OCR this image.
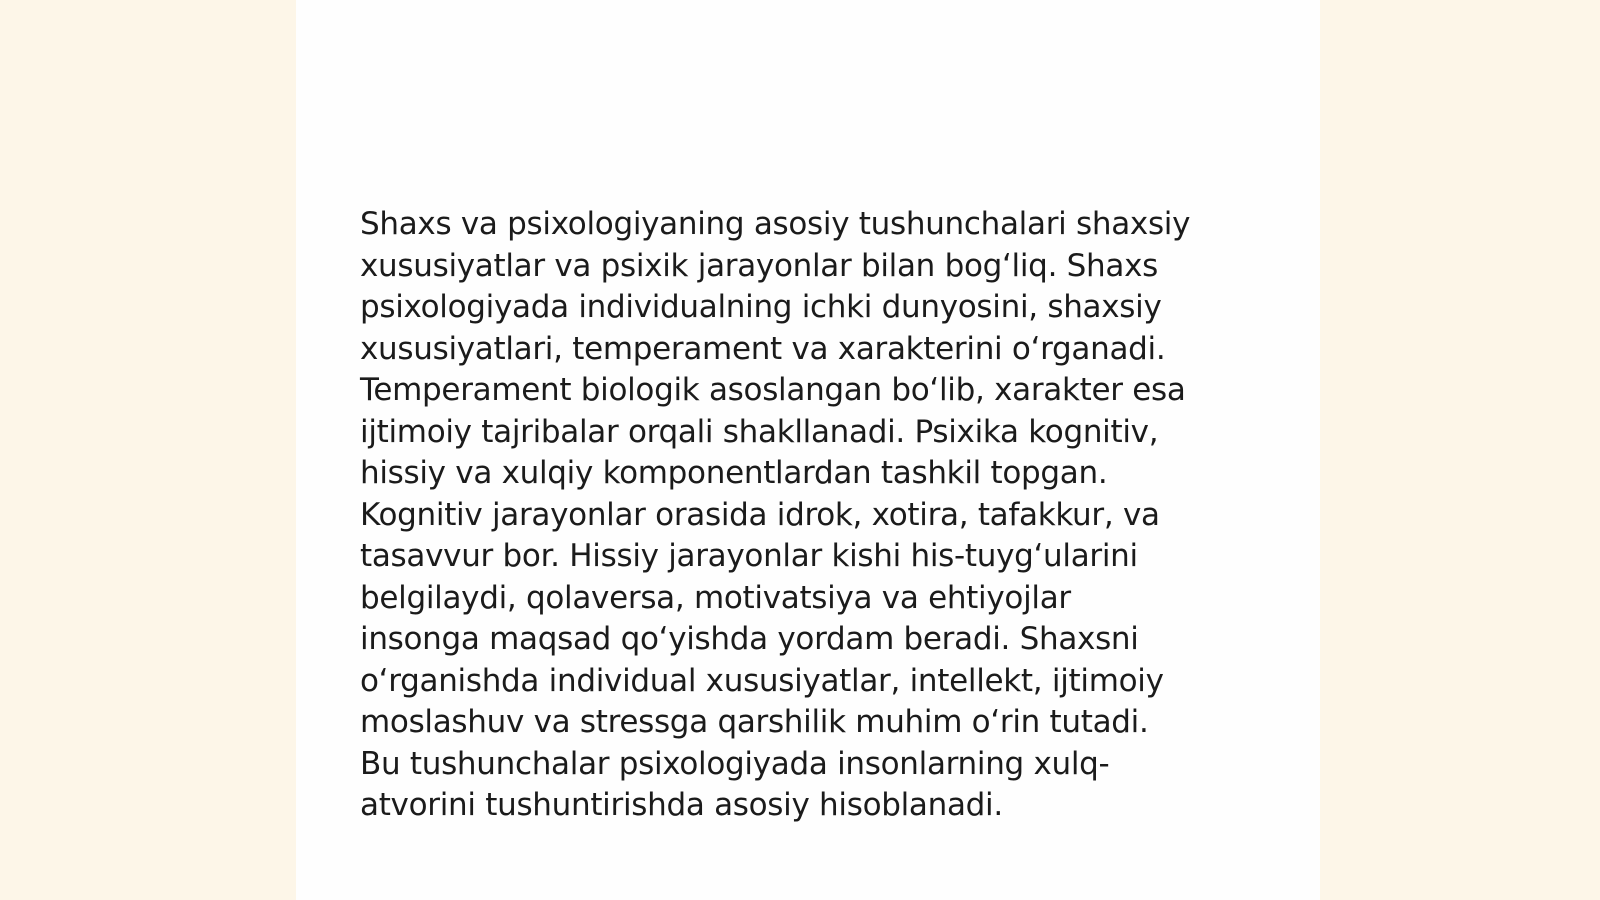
Shaxs va psixologiyaning asosiy tushunchalari shaxsiy
xususiyatlar va psixik jarayonlar bilan bog‘liq. Shaxs
psixologiyada individualning ichki dunyosini, shaxsiy
xususiyatlari, temperament va xarakterini o‘rganadi.
Temperament biologik asoslangan bo‘lib, xarakter esa
ijtimoiy tajribalar orqali shakllanadi. Psixika kognitiv,
hissiy va xulqiy komponentlardan tashkil topgan.
Kognitiv jarayonlar orasida idrok, xotira, tafakkur, va
tasavvur bor. Hissiy jarayonlar kishi his-tuyg‘ularini
belgilaydi, qolaversa, motivatsiya va ehtiyojlar
insonga maqsad qo‘yishda yordam beradi. Shaxsni
o‘rganishda individual xususiyatlar, intellekt, ijtimoiy
moslashuv va stressga qarshilik muhim o‘rin tutadi.
Bu tushunchalar psixologiyada insonlarning xulq-
atvorini tushuntirishda asosiy hisoblanadi.
